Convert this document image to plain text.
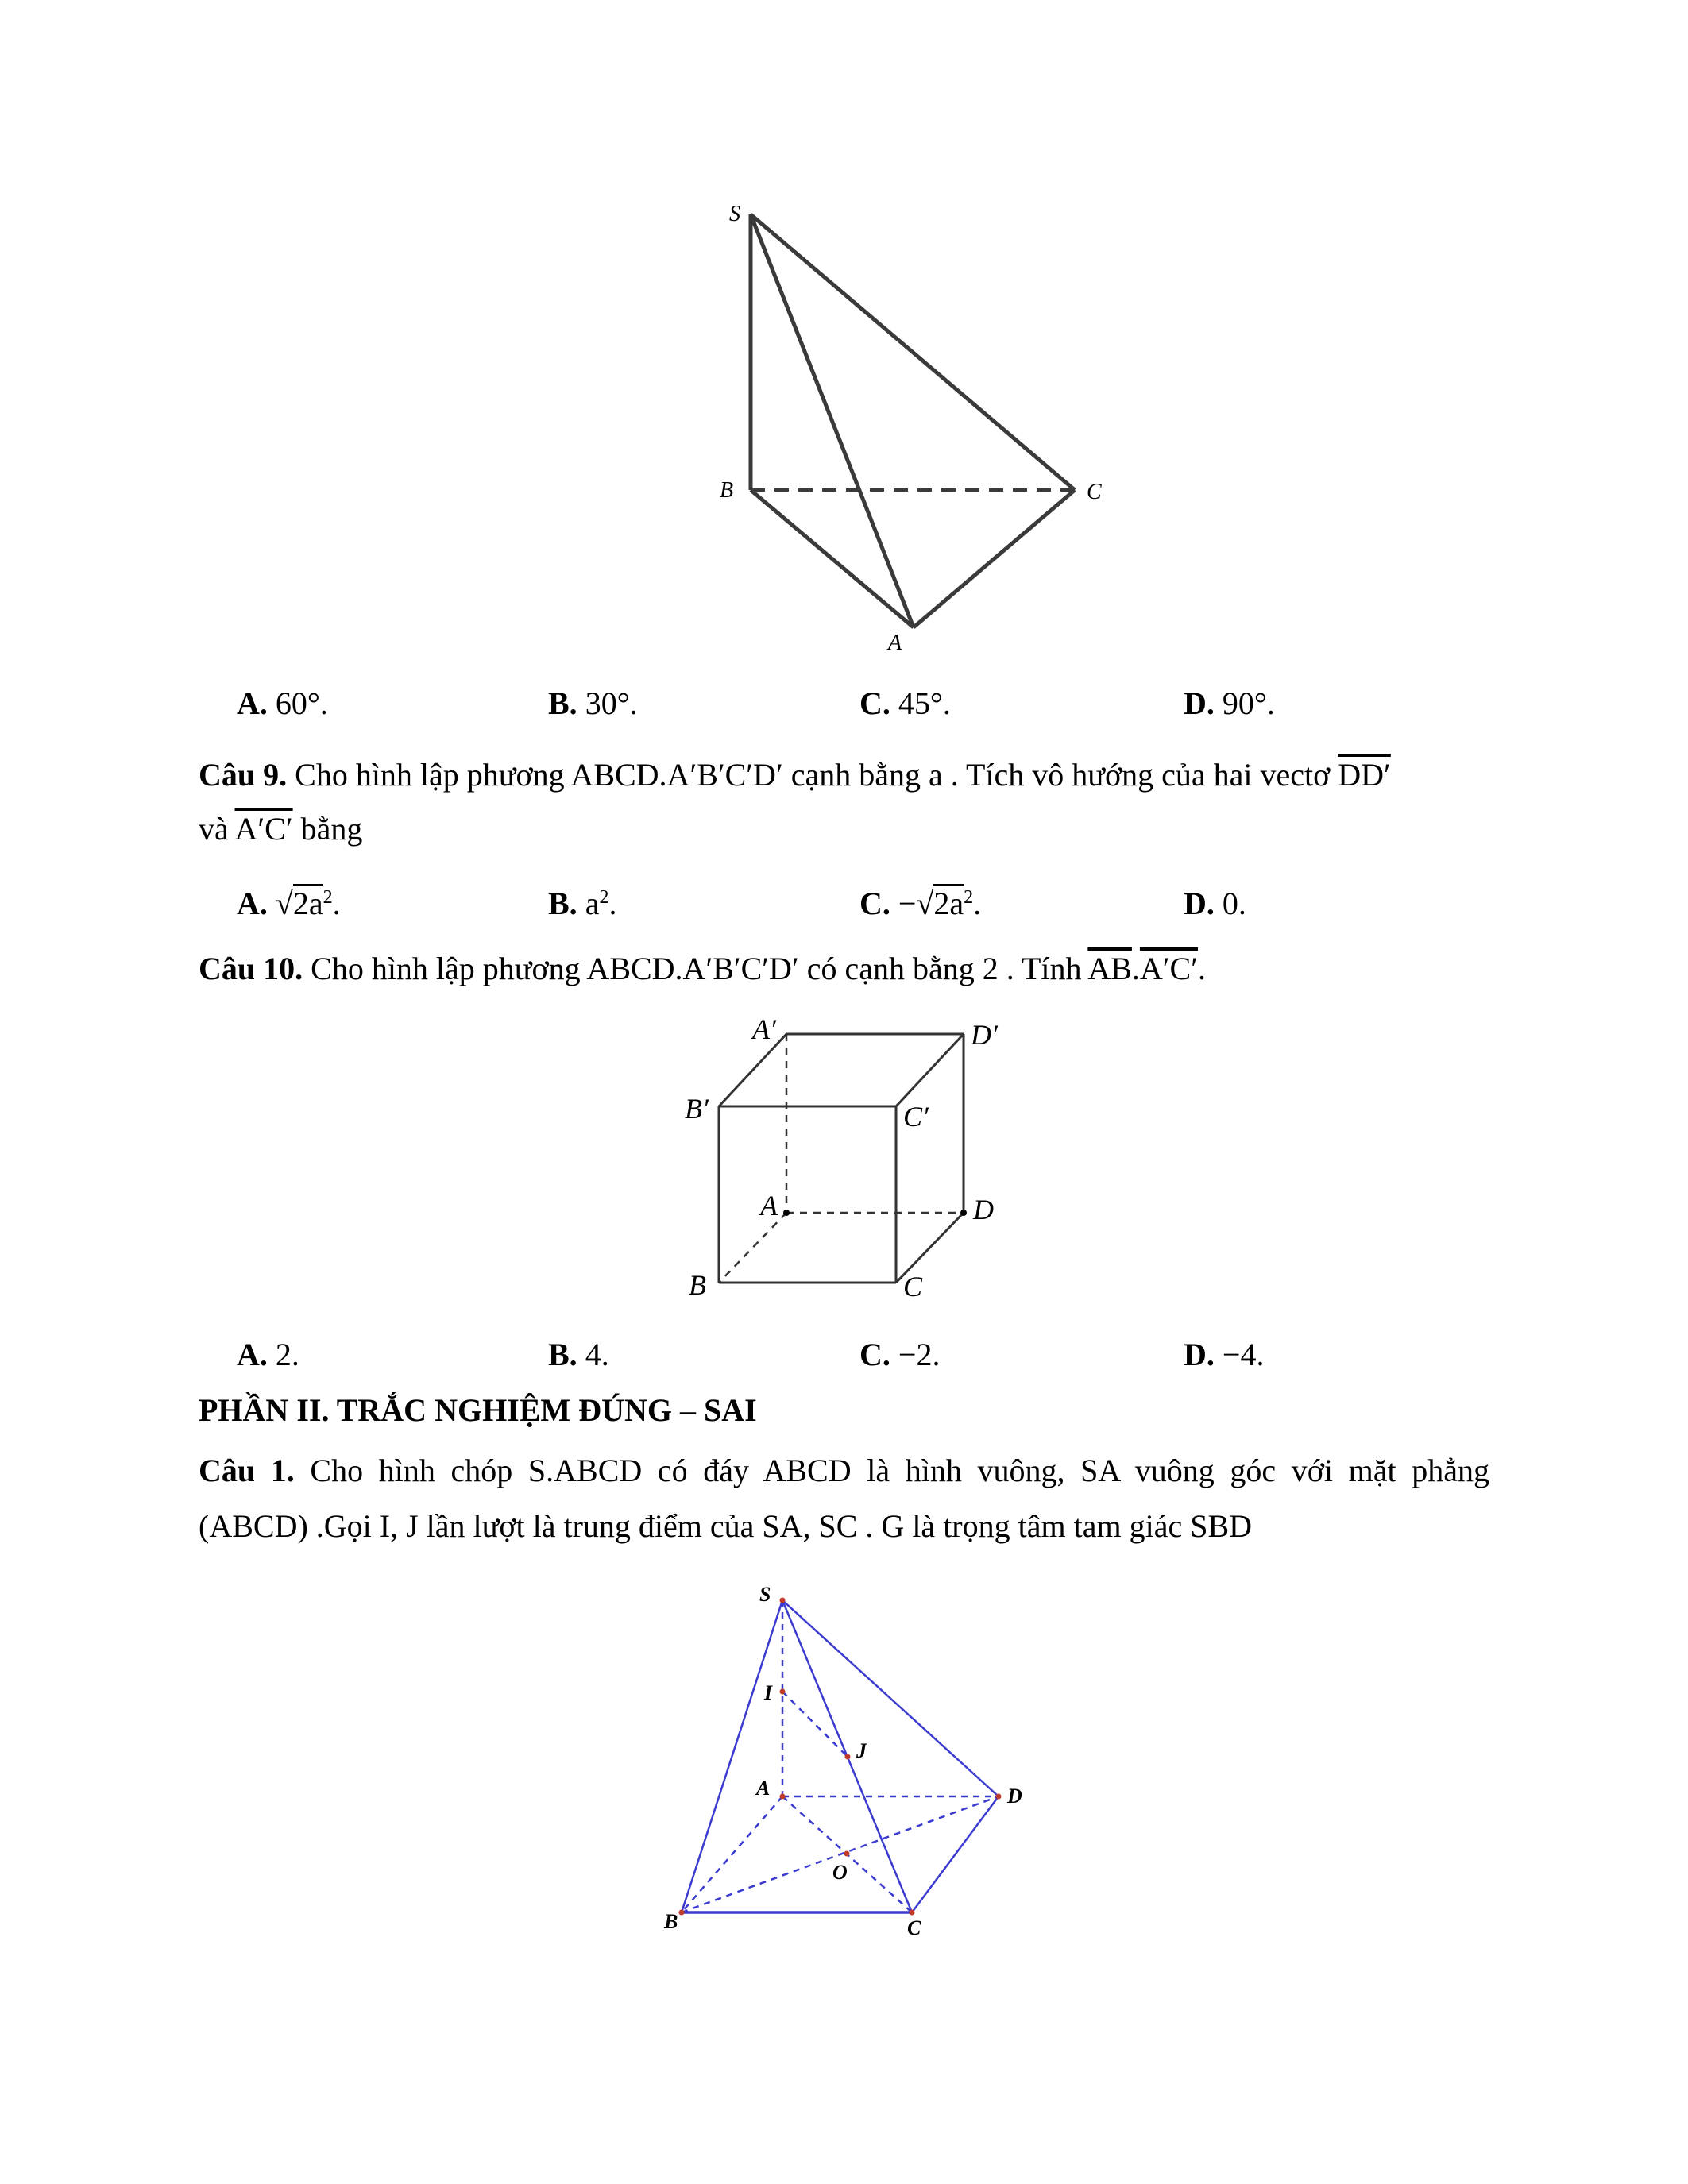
S
B	C
A
A. 60°.	B. 30°.	C. 45°.	D. 90°.
Câu 9. Cho hình lập phương ABCD.A′B′C′D′ cạnh bằng a . Tích vô hướng của hai vectơ DD′
và A′C′ bằng
A. $√2a^2$.	B. $a^2$.	C. $-√2a^2$.	D. 0.
Câu 10. Cho hình lập phương ABCD.A′B′C′D′ có cạnh bằng 2 . Tính $\overline{AB}.A'C'$.
A′	D′
B′	C′
A	D
B	C
A. 2.	B. 4.	C. −2.	D. −4.
PHẦN II. TRẮC NGHIỆM ĐÚNG – SAI
Câu 1. Cho hình chóp S.ABCD có đáy ABCD là hình vuông, SA vuông góc với mặt phẳng
(ABCD) .Gọi I, J lần lượt là trung điểm của SA, SC . G là trọng tâm tam giác SBD
S
I
J
A	D
O
B	C
